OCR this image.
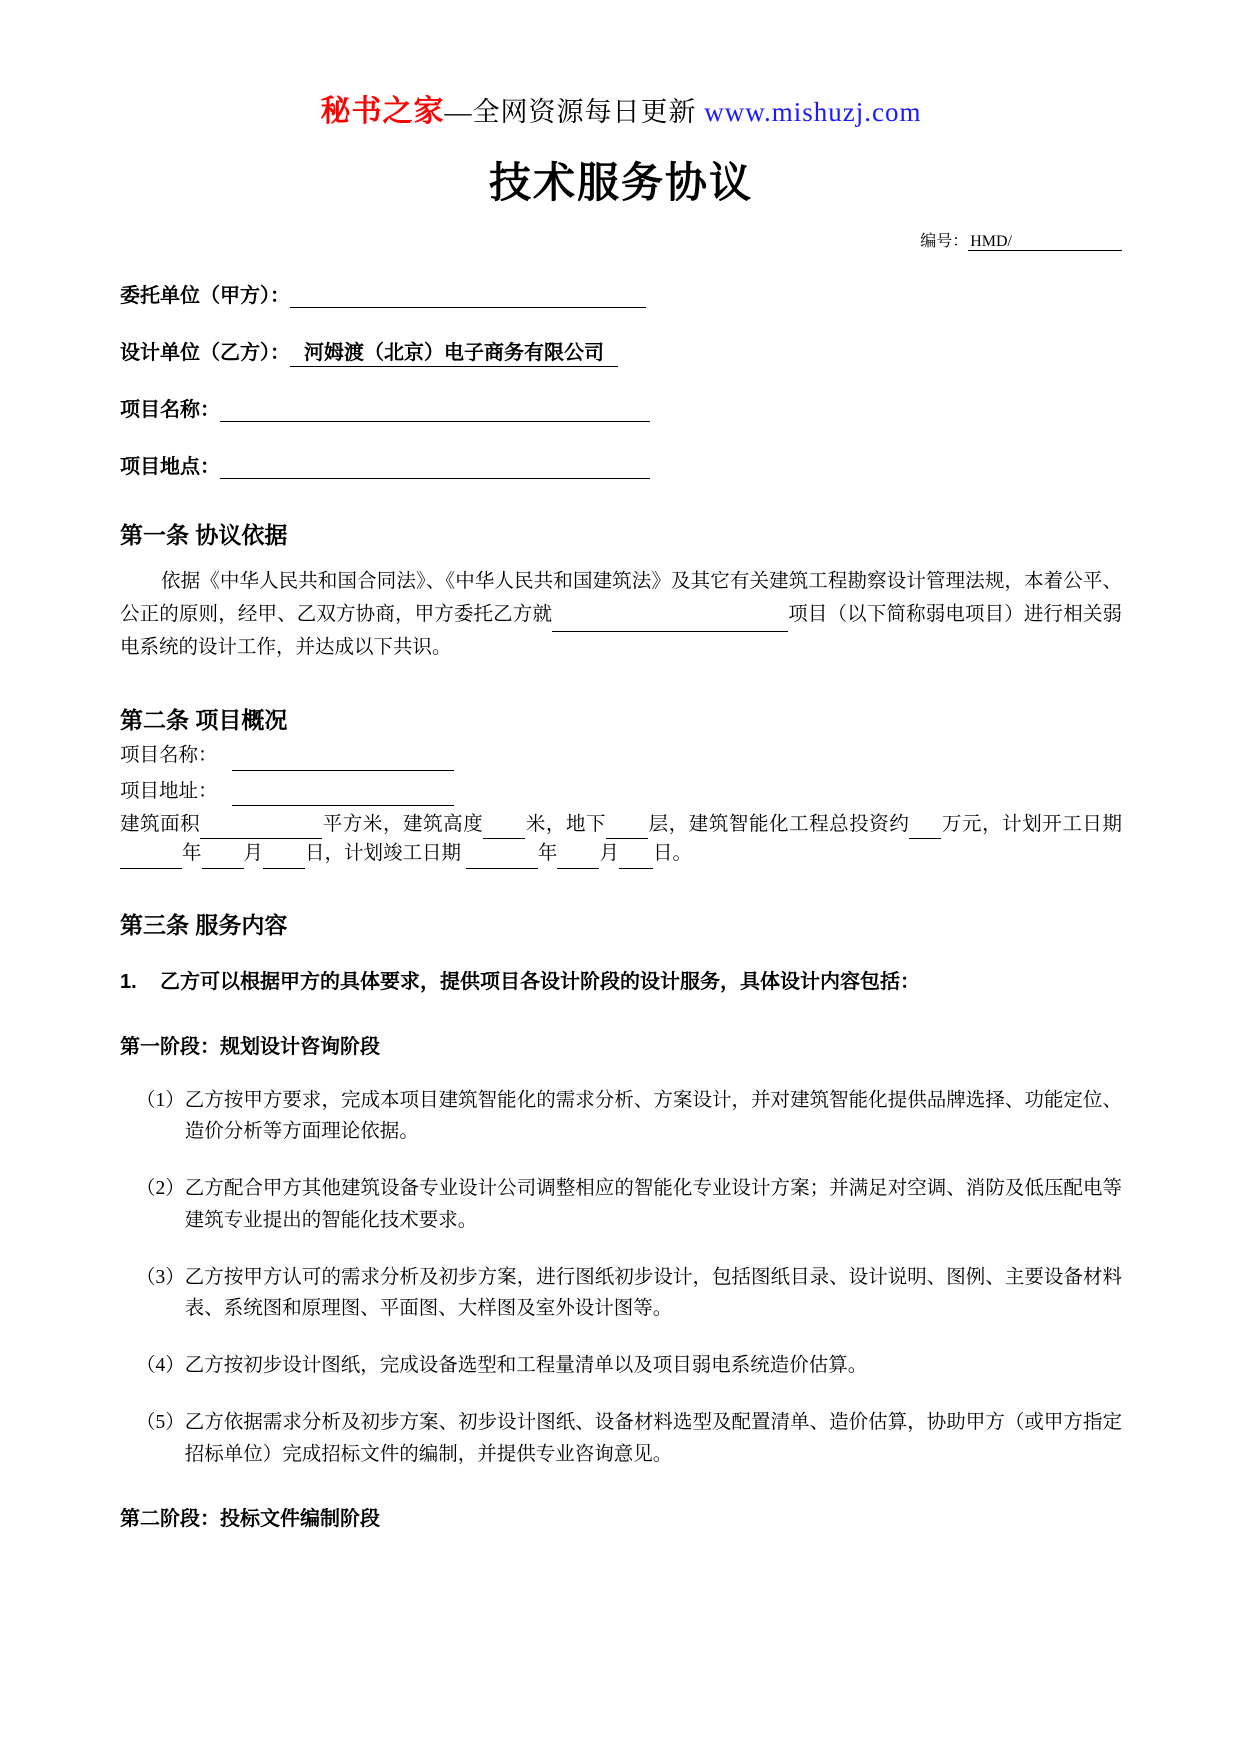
秘书之家—全网资源每日更新 www.mishuzj.com
技术服务协议
编号： HMD/
委托单位（甲方）：
设计单位（乙方）： 河姆渡（北京）电子商务有限公司
项目名称：
项目地点：
第一条 协议依据

依据《中华人民共和国合同法》、《中华人民共和国建筑法》及其它有关建筑工程勘察设计管理法规，本着公平、公正的原则，经甲、乙双方协商，甲方委托乙方就	项目（以下简称弱电项目）进行相关弱电系统的设计工作，并达成以下共识。

第二条 项目概况

项目名称：

项目地址：

建筑面积	平方米，建筑高度 米，地下 层，建筑智能化工程总投资约 万元，计划开工日期年 月 日，计划竣工日期	年 月 日。

第三条 服务内容
1.	乙方可以根据甲方的具体要求，提供项目各设计阶段的设计服务，具体设计内容包括：
第一阶段：规划设计咨询阶段
（1） 乙方按甲方要求，完成本项目建筑智能化的需求分析、方案设计，并对建筑智能化提供品牌选择、功能定位、造价分析等方面理论依据。
（2） 乙方配合甲方其他建筑设备专业设计公司调整相应的智能化专业设计方案；并满足对空调、消防及低压配电等建筑专业提出的智能化技术要求。
（3） 乙方按甲方认可的需求分析及初步方案，进行图纸初步设计，包括图纸目录、设计说明、图例、主要设备材料表、系统图和原理图、平面图、大样图及室外设计图等。
（4） 乙方按初步设计图纸，完成设备选型和工程量清单以及项目弱电系统造价估算。
（5） 乙方依据需求分析及初步方案、初步设计图纸、设备材料选型及配置清单、造价估算，协助甲方（或甲方指定招标单位）完成招标文件的编制，并提供专业咨询意见。
第二阶段：投标文件编制阶段
